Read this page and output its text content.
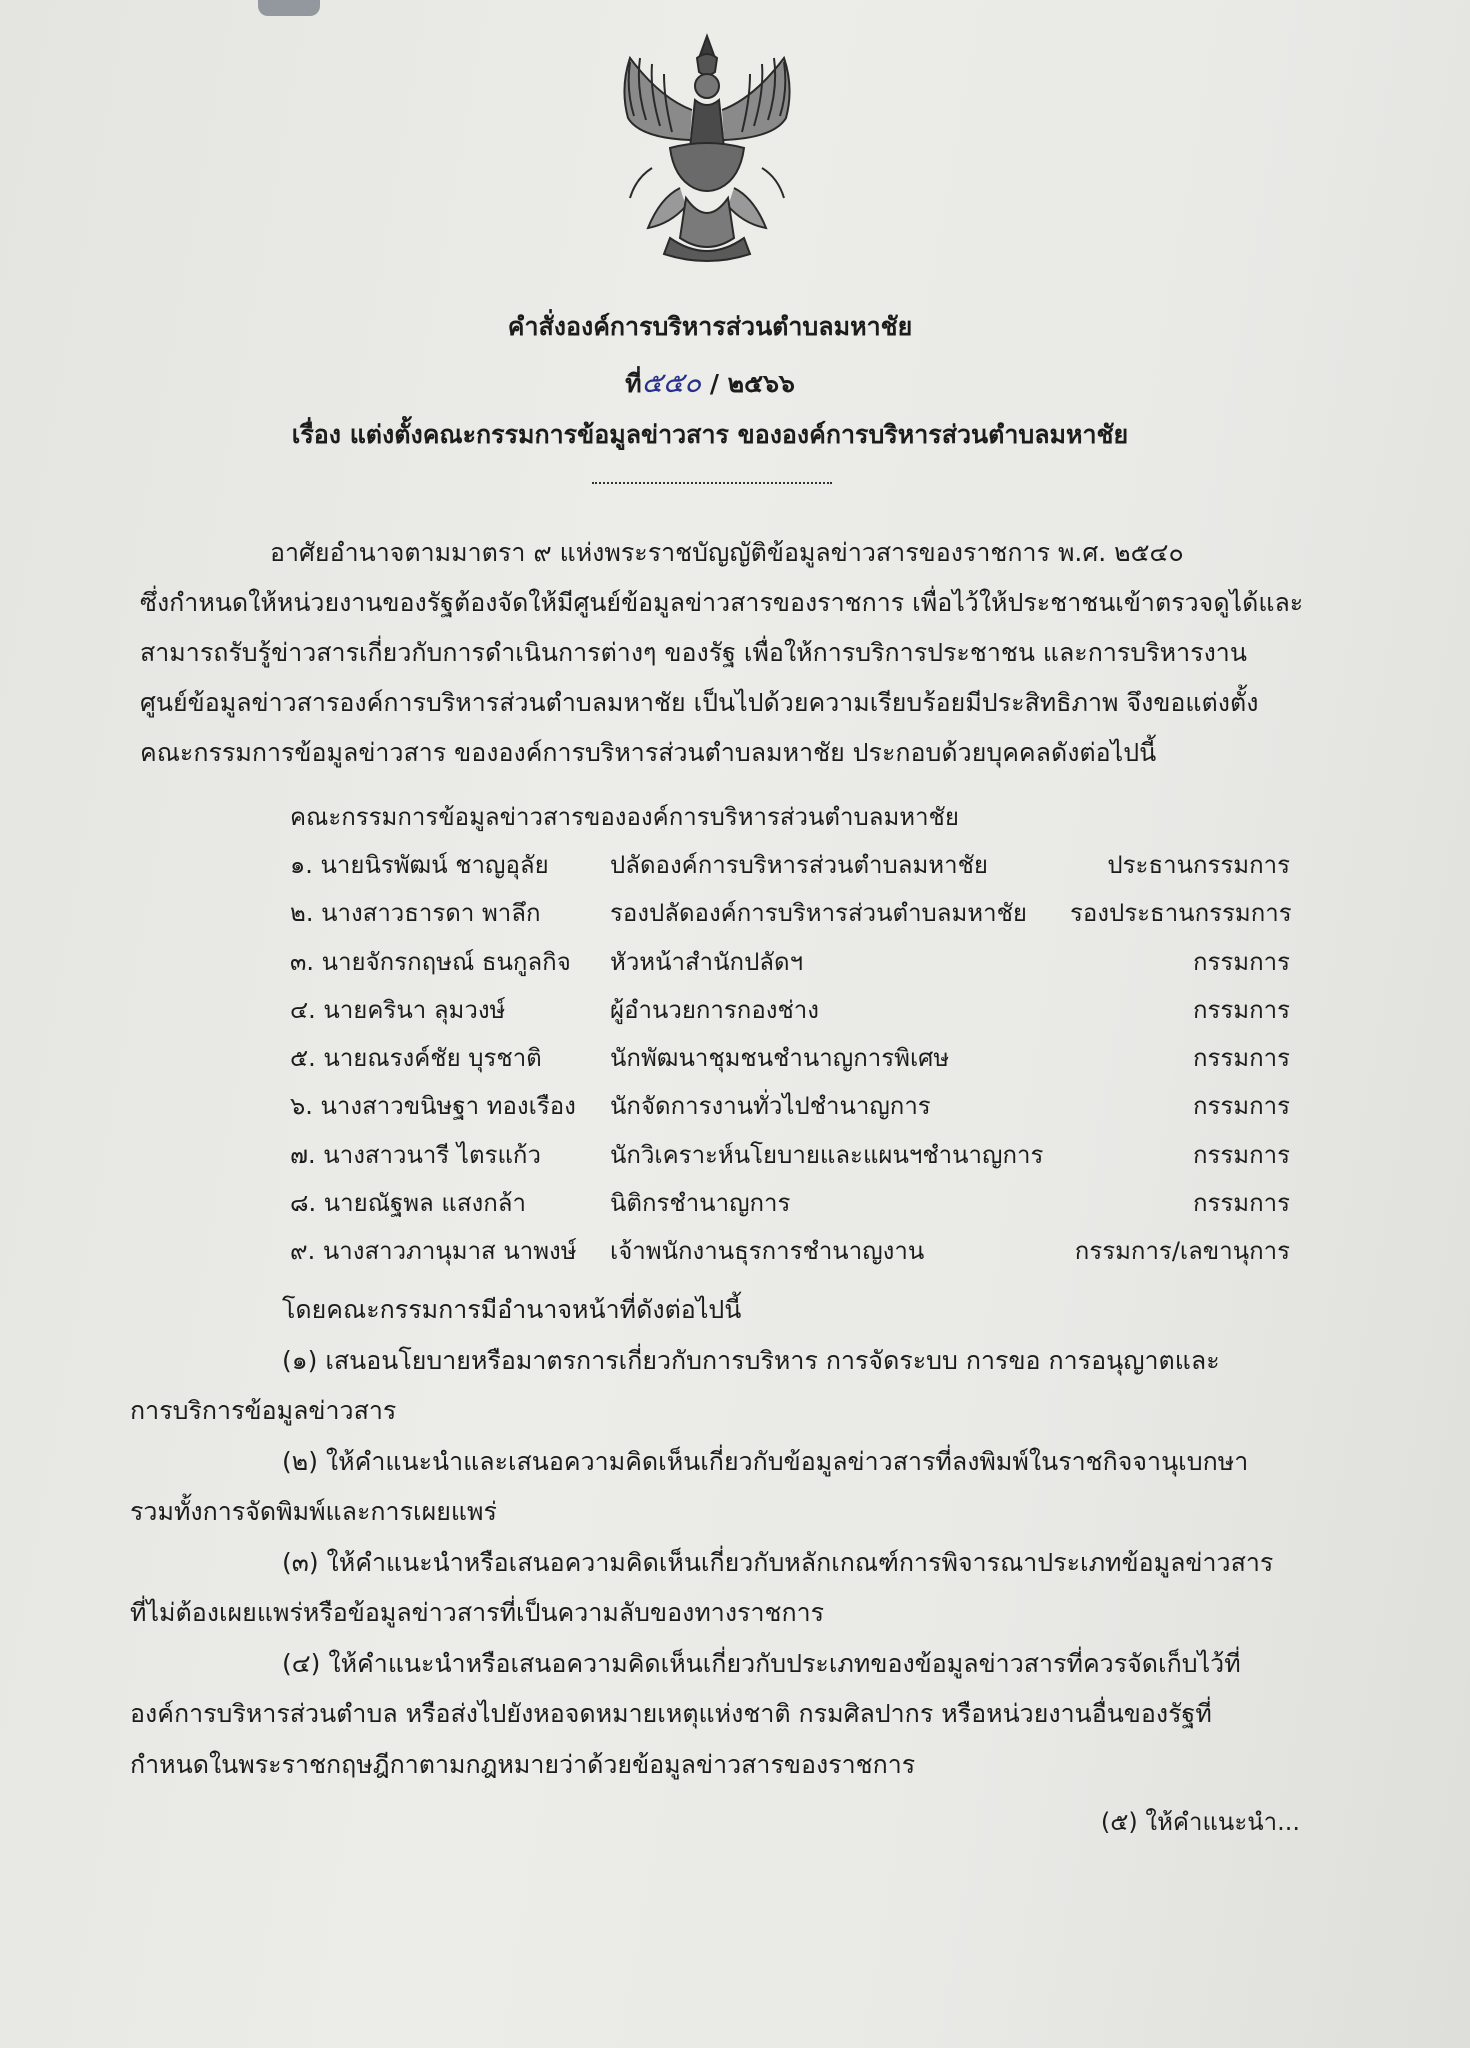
คำสั่งองค์การบริหารส่วนตำบลมหาชัย
ที่๕๕๐ / ๒๕๖๖
เรื่อง แต่งตั้งคณะกรรมการข้อมูลข่าวสาร ขององค์การบริหารส่วนตำบลมหาชัย
อาศัยอำนาจตามมาตรา ๙ แห่งพระราชบัญญัติข้อมูลข่าวสารของราชการ พ.ศ. ๒๕๔๐
ซึ่งกำหนดให้หน่วยงานของรัฐต้องจัดให้มีศูนย์ข้อมูลข่าวสารของราชการ เพื่อไว้ให้ประชาชนเข้าตรวจดูได้และ
สามารถรับรู้ข่าวสารเกี่ยวกับการดำเนินการต่างๆ ของรัฐ เพื่อให้การบริการประชาชน และการบริหารงาน
ศูนย์ข้อมูลข่าวสารองค์การบริหารส่วนตำบลมหาชัย เป็นไปด้วยความเรียบร้อยมีประสิทธิภาพ จึงขอแต่งตั้ง
คณะกรรมการข้อมูลข่าวสาร ขององค์การบริหารส่วนตำบลมหาชัย ประกอบด้วยบุคคลดังต่อไปนี้
คณะกรรมการข้อมูลข่าวสารขององค์การบริหารส่วนตำบลมหาชัย
๑. นายนิรพัฒน์ ชาญอุลัย	ปลัดองค์การบริหารส่วนตำบลมหาชัย	ประธานกรรมการ
๒. นางสาวธารดา พาลึก	รองปลัดองค์การบริหารส่วนตำบลมหาชัย	รองประธานกรรมการ
๓. นายจักรกฤษณ์ ธนกูลกิจ	หัวหน้าสำนักปลัดฯ	กรรมการ
๔. นายครินา ลุมวงษ์	ผู้อำนวยการกองช่าง	กรรมการ
๕. นายณรงค์ชัย บุรชาติ	นักพัฒนาชุมชนชำนาญการพิเศษ	กรรมการ
๖. นางสาวขนิษฐา ทองเรือง	นักจัดการงานทั่วไปชำนาญการ	กรรมการ
๗. นางสาวนารี ไตรแก้ว	นักวิเคราะห์นโยบายและแผนฯชำนาญการ	กรรมการ
๘. นายณัฐพล แสงกล้า	นิติกรชำนาญการ	กรรมการ
๙. นางสาวภานุมาส นาพงษ์	เจ้าพนักงานธุรการชำนาญงาน	กรรมการ/เลขานุการ
โดยคณะกรรมการมีอำนาจหน้าที่ดังต่อไปนี้
(๑) เสนอนโยบายหรือมาตรการเกี่ยวกับการบริหาร การจัดระบบ การขอ การอนุญาตและ
การบริการข้อมูลข่าวสาร
(๒) ให้คำแนะนำและเสนอความคิดเห็นเกี่ยวกับข้อมูลข่าวสารที่ลงพิมพ์ในราชกิจจานุเบกษา
รวมทั้งการจัดพิมพ์และการเผยแพร่
(๓) ให้คำแนะนำหรือเสนอความคิดเห็นเกี่ยวกับหลักเกณฑ์การพิจารณาประเภทข้อมูลข่าวสาร
ที่ไม่ต้องเผยแพร่หรือข้อมูลข่าวสารที่เป็นความลับของทางราชการ
(๔) ให้คำแนะนำหรือเสนอความคิดเห็นเกี่ยวกับประเภทของข้อมูลข่าวสารที่ควรจัดเก็บไว้ที่
องค์การบริหารส่วนตำบล หรือส่งไปยังหอจดหมายเหตุแห่งชาติ กรมศิลปากร หรือหน่วยงานอื่นของรัฐที่
กำหนดในพระราชกฤษฎีกาตามกฎหมายว่าด้วยข้อมูลข่าวสารของราชการ
(๕) ให้คำแนะนำ...
